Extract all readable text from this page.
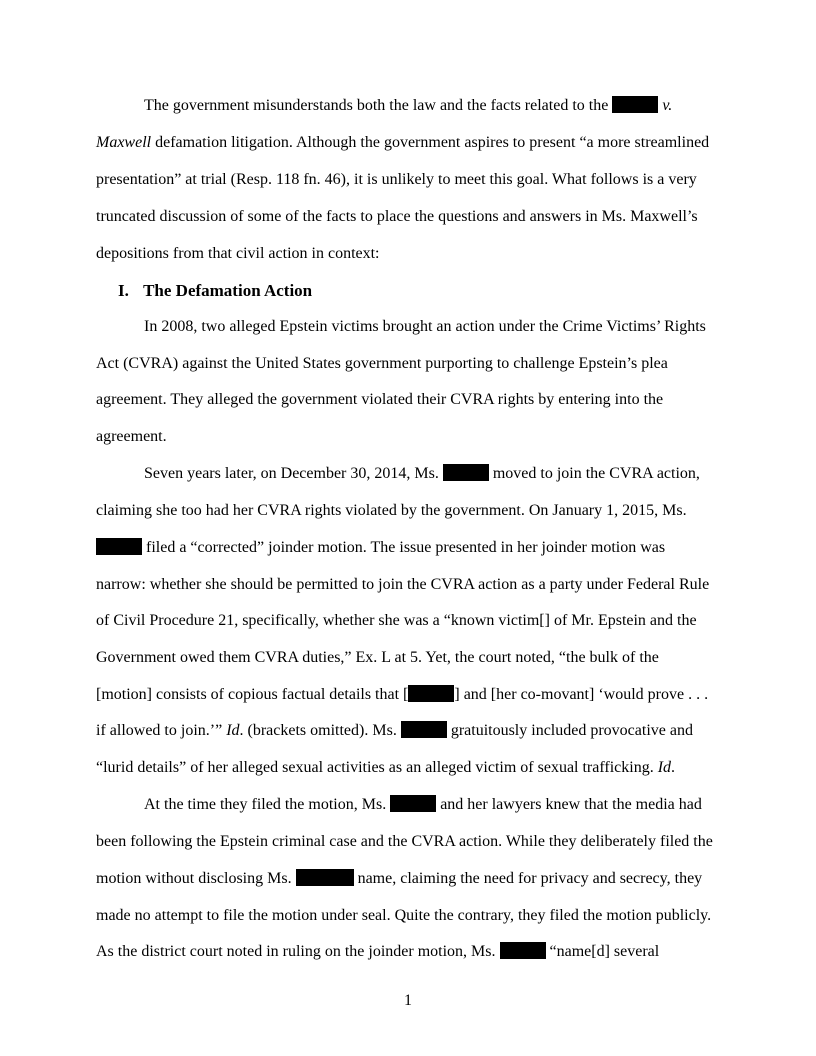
The government misunderstands both the law and the facts related to the	v.
Maxwell defamation litigation. Although the government aspires to present “a more streamlined
presentation” at trial (Resp. 118 fn. 46), it is unlikely to meet this goal. What follows is a very
truncated discussion of some of the facts to place the questions and answers in Ms. Maxwell’s
depositions from that civil action in context:
I. The Defamation Action
In 2008, two alleged Epstein victims brought an action under the Crime Victims’ Rights
Act (CVRA) against the United States government purporting to challenge Epstein’s plea
agreement. They alleged the government violated their CVRA rights by entering into the
agreement.
Seven years later, on December 30, 2014, Ms.	moved to join the CVRA action,
claiming she too had her CVRA rights violated by the government. On January 1, 2015, Ms.
filed a “corrected” joinder motion. The issue presented in her joinder motion was
narrow: whether she should be permitted to join the CVRA action as a party under Federal Rule
of Civil Procedure 21, specifically, whether she was a “known victim[] of Mr. Epstein and the
Government owed them CVRA duties,” Ex. L at 5. Yet, the court noted, “the bulk of the
[motion] consists of copious factual details that [	] and [her co-movant] ‘would prove . . .
if allowed to join.’” Id. (brackets omitted). Ms.	gratuitously included provocative and
“lurid details” of her alleged sexual activities as an alleged victim of sexual trafficking. Id.
At the time they filed the motion, Ms.	and her lawyers knew that the media had
been following the Epstein criminal case and the CVRA action. While they deliberately filed the
motion without disclosing Ms.	name, claiming the need for privacy and secrecy, they
made no attempt to file the motion under seal. Quite the contrary, they filed the motion publicly.
As the district court noted in ruling on the joinder motion, Ms.	“name[d] several
1
